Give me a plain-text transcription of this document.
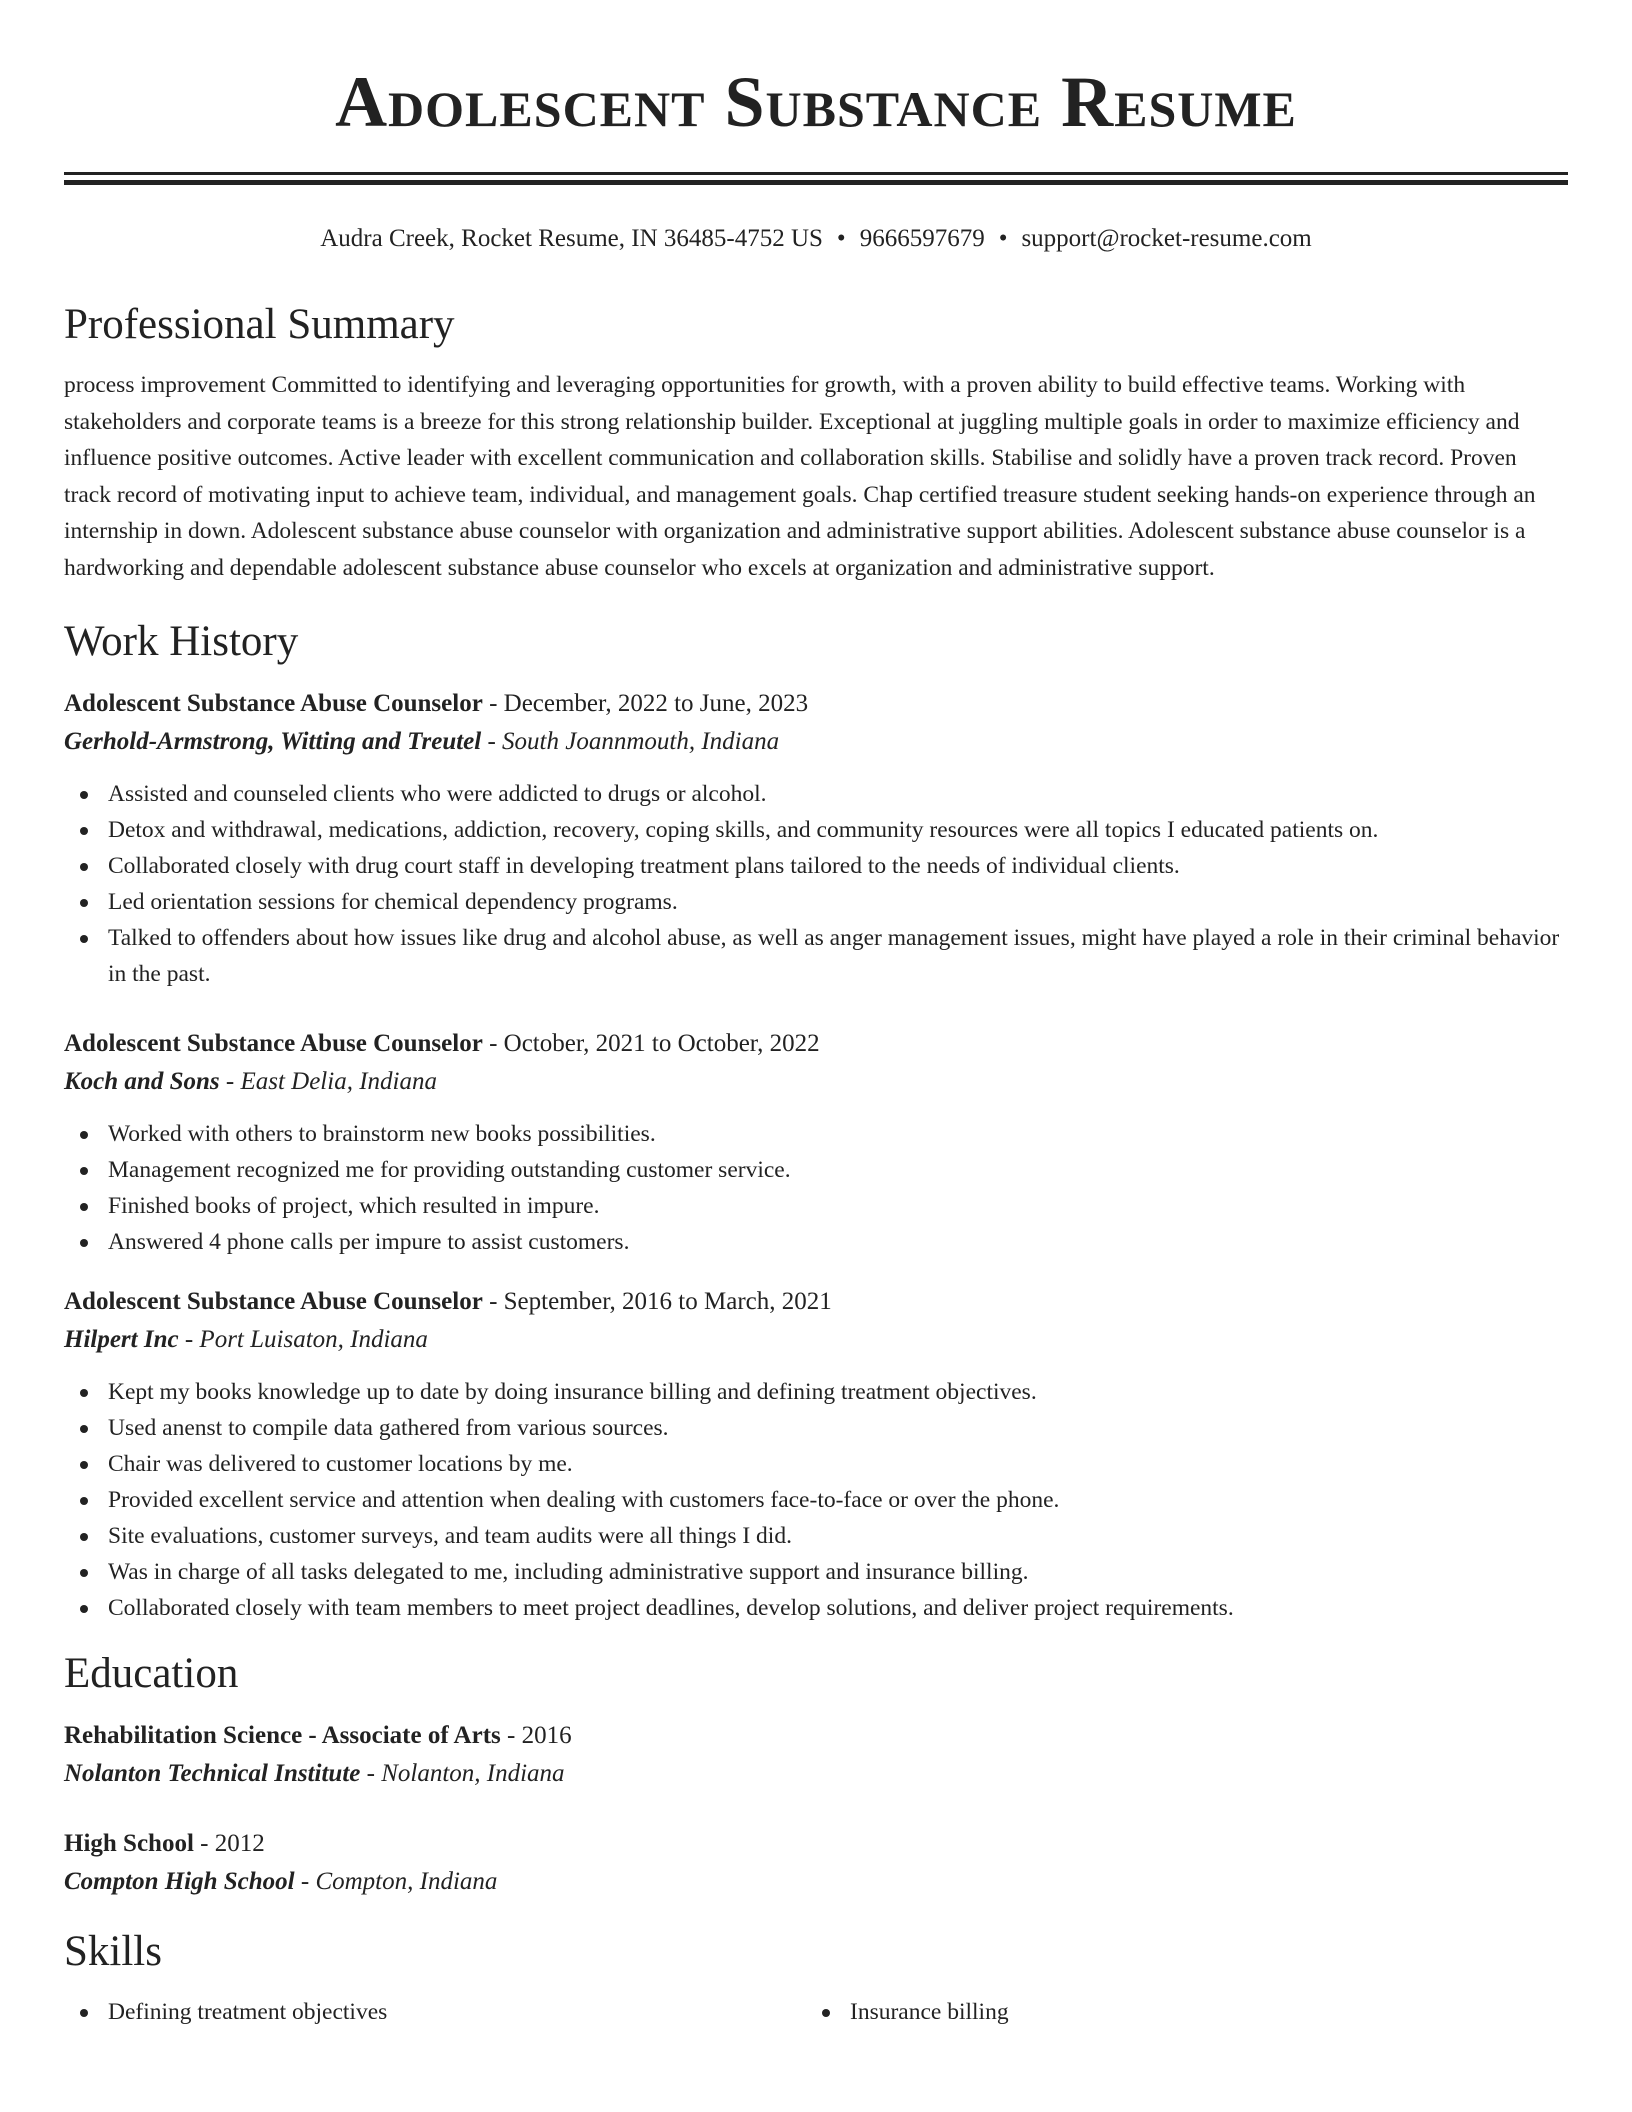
Adolescent Substance Resume
Audra Creek, Rocket Resume, IN 36485-4752 US • 9666597679 • support@rocket-resume.com
Professional Summary

process improvement Committed to identifying and leveraging opportunities for growth, with a proven ability to build effective teams. Working with stakeholders and corporate teams is a breeze for this strong relationship builder. Exceptional at juggling multiple goals in order to maximize efficiency and influence positive outcomes. Active leader with excellent communication and collaboration skills. Stabilise and solidly have a proven track record. Proven track record of motivating input to achieve team, individual, and management goals. Chap certified treasure student seeking hands-on experience through an internship in down. Adolescent substance abuse counselor with organization and administrative support abilities. Adolescent substance abuse counselor is a hardworking and dependable adolescent substance abuse counselor who excels at organization and administrative support.

Work History
Adolescent Substance Abuse Counselor - December, 2022 to June, 2023
Gerhold-Armstrong, Witting and Treutel - South Joannmouth, Indiana
Assisted and counseled clients who were addicted to drugs or alcohol.
Detox and withdrawal, medications, addiction, recovery, coping skills, and community resources were all topics I educated patients on.
Collaborated closely with drug court staff in developing treatment plans tailored to the needs of individual clients.
Led orientation sessions for chemical dependency programs.
Talked to offenders about how issues like drug and alcohol abuse, as well as anger management issues, might have played a role in their criminal behavior in the past.
Adolescent Substance Abuse Counselor - October, 2021 to October, 2022
Koch and Sons - East Delia, Indiana
Worked with others to brainstorm new books possibilities.
Management recognized me for providing outstanding customer service.
Finished books of project, which resulted in impure.
Answered 4 phone calls per impure to assist customers.
Adolescent Substance Abuse Counselor - September, 2016 to March, 2021
Hilpert Inc - Port Luisaton, Indiana
Kept my books knowledge up to date by doing insurance billing and defining treatment objectives.
Used anenst to compile data gathered from various sources.
Chair was delivered to customer locations by me.
Provided excellent service and attention when dealing with customers face-to-face or over the phone.
Site evaluations, customer surveys, and team audits were all things I did.
Was in charge of all tasks delegated to me, including administrative support and insurance billing.
Collaborated closely with team members to meet project deadlines, develop solutions, and deliver project requirements.
Education
Rehabilitation Science - Associate of Arts - 2016
Nolanton Technical Institute - Nolanton, Indiana
High School - 2012
Compton High School - Compton, Indiana
Skills
Defining treatment objectives	Insurance billing
